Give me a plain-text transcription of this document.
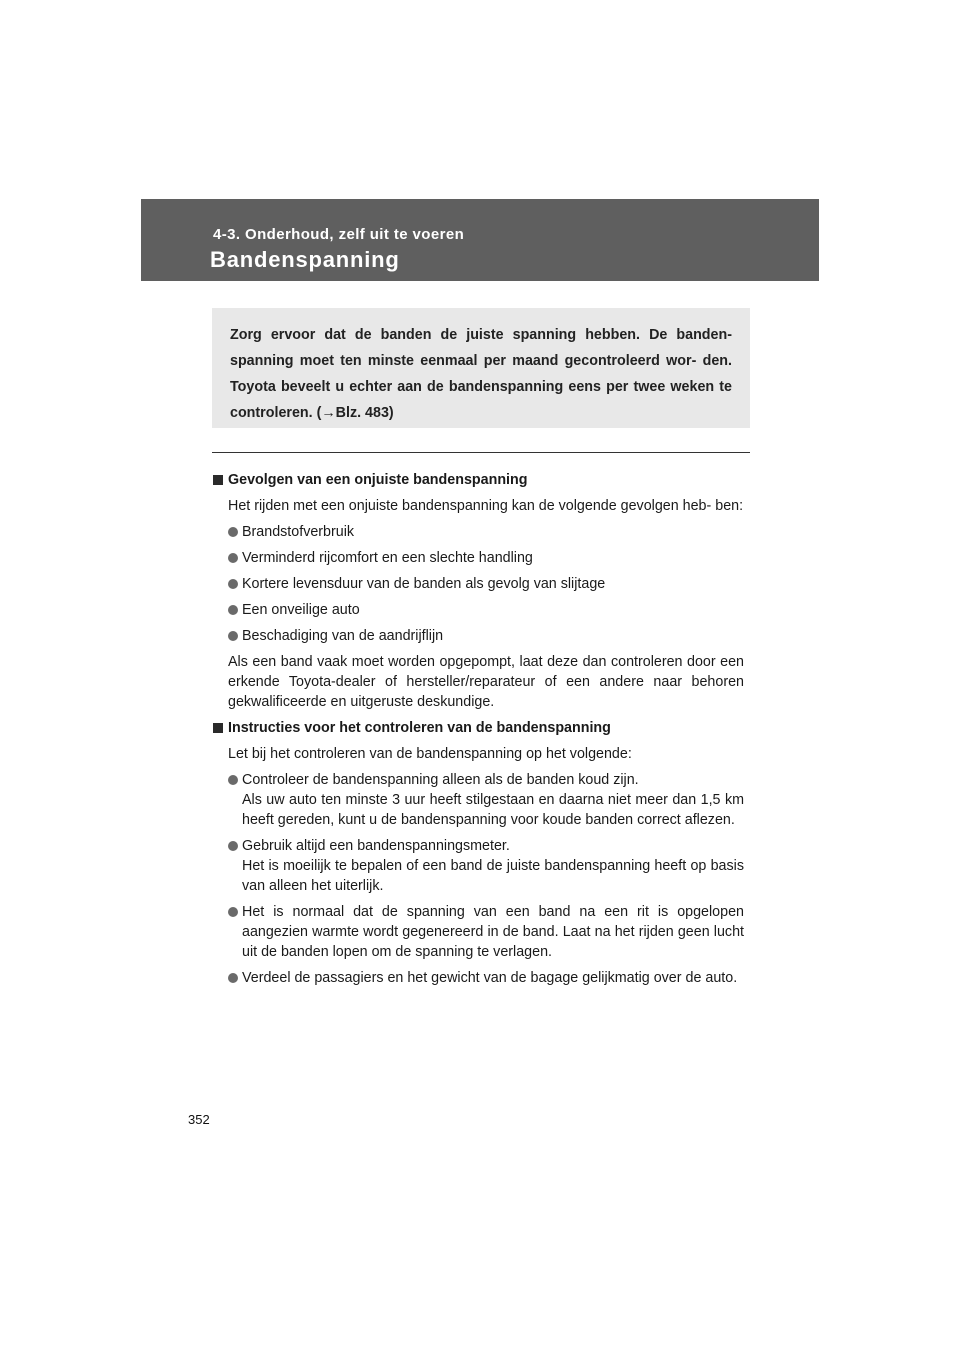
4-3. Onderhoud, zelf uit te voeren
Bandenspanning

Zorg ervoor dat de banden de juiste spanning hebben. De banden- spanning moet ten minste eenmaal per maand gecontroleerd wor- den. Toyota beveelt u echter aan de bandenspanning eens per twee weken te controleren. (→Blz. 483)

Gevolgen van een onjuiste bandenspanning

Het rijden met een onjuiste bandenspanning kan de volgende gevolgen heb- ben:

Brandstofverbruik

Verminderd rijcomfort en een slechte handling

Kortere levensduur van de banden als gevolg van slijtage

Een onveilige auto

Beschadiging van de aandrijflijn

Als een band vaak moet worden opgepompt, laat deze dan controleren door een erkende Toyota-dealer of hersteller/reparateur of een andere naar behoren gekwalificeerde en uitgeruste deskundige.

Instructies voor het controleren van de bandenspanning

Let bij het controleren van de bandenspanning op het volgende:

Controleer de bandenspanning alleen als de banden koud zijn.
Als uw auto ten minste 3 uur heeft stilgestaan en daarna niet meer dan 1,5 km heeft gereden, kunt u de bandenspanning voor koude banden correct aflezen.

Gebruik altijd een bandenspanningsmeter.
Het is moeilijk te bepalen of een band de juiste bandenspanning heeft op basis van alleen het uiterlijk.

Het is normaal dat de spanning van een band na een rit is opgelopen aangezien warmte wordt gegenereerd in de band. Laat na het rijden geen lucht uit de banden lopen om de spanning te verlagen.

Verdeel de passagiers en het gewicht van de bagage gelijkmatig over de auto.

352
